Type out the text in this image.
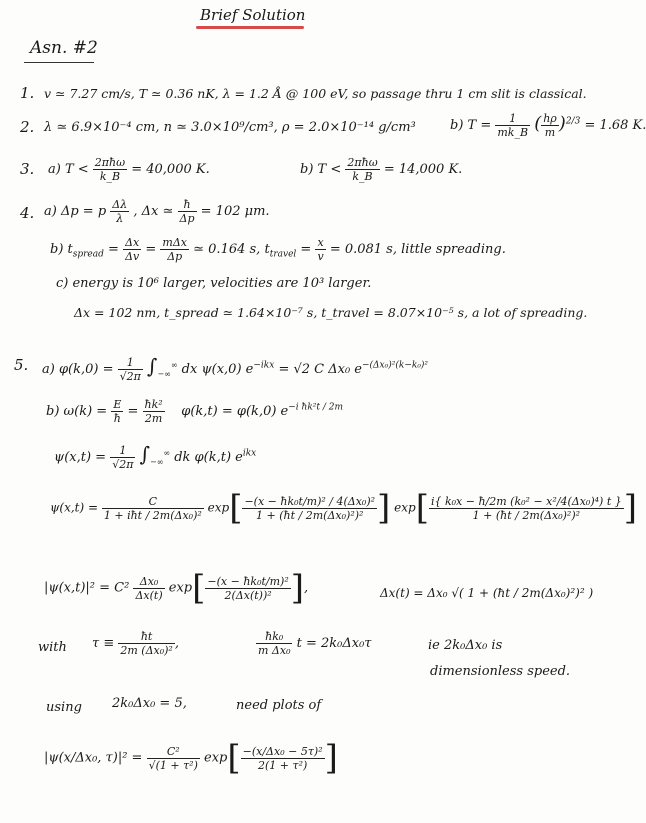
Brief Solution
Asn. #2
1. v ≃ 7.27 cm/s, T ≃ 0.36 nK, λ = 1.2 Å @ 100 eV, so passage thru 1 cm slit is classical.
2. λ ≃ 6.9×10⁻⁴ cm, n ≃ 3.0×10⁹/cm³, ρ = 2.0×10⁻¹⁴ g/cm³	b) $T = \frac{1}{mk\_B}$ ( $\frac{h\rho}{m} )^{2/3} = 1.68$ K.
3. a) $T < \frac{\text{2πħω}}{k\_B} = 40,000$ K.	b) $T < \frac{\text{2πħω}}{k\_B} = 14,000$ K.
4. a) Δp = p $\frac{\Delta\lambda}{\lambda}$ , Δx ≃ $\frac{ħ}{\Delta p} = 102$ μm.
b) $t_{spread} = \frac{\Delta x}{\Delta v} = \frac{\text{mΔx}}{\Delta p}$ ≃ 0.164 s, $t_{travel} = \frac{x}{v} = 0.081$ s, little spreading.
c) energy is 10⁶ larger, velocities are 10³ larger.
Δx = 102 nm, t_spread ≃ 1.64×10⁻⁷ s, t_travel = 8.07×10⁻⁵ s, a lot of spreading.
5. a) $\varphi(k,0) = \frac{1}{√2\pi} \int_{-\infty}^\infty$ dx ψ(x,0) $e^{-ikx} = √2$ C Δx₀ $e^{-(\Delta x_0)^2(k-k_0)^2}$
b) $\omega(k) = \frac{E}{ħ} = \frac{\text{ħk²}}{2m} \varphi(k,t) = \varphi(k,0)$ $e^{-i ħk^2t / 2m}$
$\psi(x,t) = \frac{1}{√2\pi} \int_{-\infty}^\infty$ dk φ(k,t) $e^{ikx}$
$\psi(x,t) = \frac{C}{\text{1 + iħt / 2m(Δx₀)²}} \exp[ \frac{\text{−(x − ħk₀t/m)² / 4(Δx₀)²}}{\text{1 + (ħt / 2m(Δx₀)²)²}}$ ] $\exp[ \frac{\text{i\{ k₀x − ħ/2m (k₀² − x²/4(Δx₀)⁴) t \}}}{\text{1 + (ħt / 2m(Δx₀)²)²}}$ ]
$|\psi(x,t)|^2 = C^2 \frac{\text{Δx₀}}{\Delta x(t)} \exp[ \frac{\text{−(x − ħk₀t/m)²}}{\text{2(Δx(t))²}}$ ],	Δx(t) = Δx₀ √( 1 + (ħt / 2m(Δx₀)²)² )
with $\tau \equiv \frac{ħt}{\text{2m (Δx₀)²}}$ ,	$\frac{\text{ħk₀}}{\text{m Δx₀}}$ t = 2k₀Δx₀τ	ie 2k₀Δx₀ is
dimensionless speed.
using 2k₀Δx₀ = 5,	need plots of
|ψ(x/Δx₀, $\tau)|^2 = \frac{\text{C²}}{\text{√(1 + τ²)}} \exp[ \frac{\text{−(x/Δx₀ − 5τ)²}}{\text{2(1 + τ²)}}$ ]
